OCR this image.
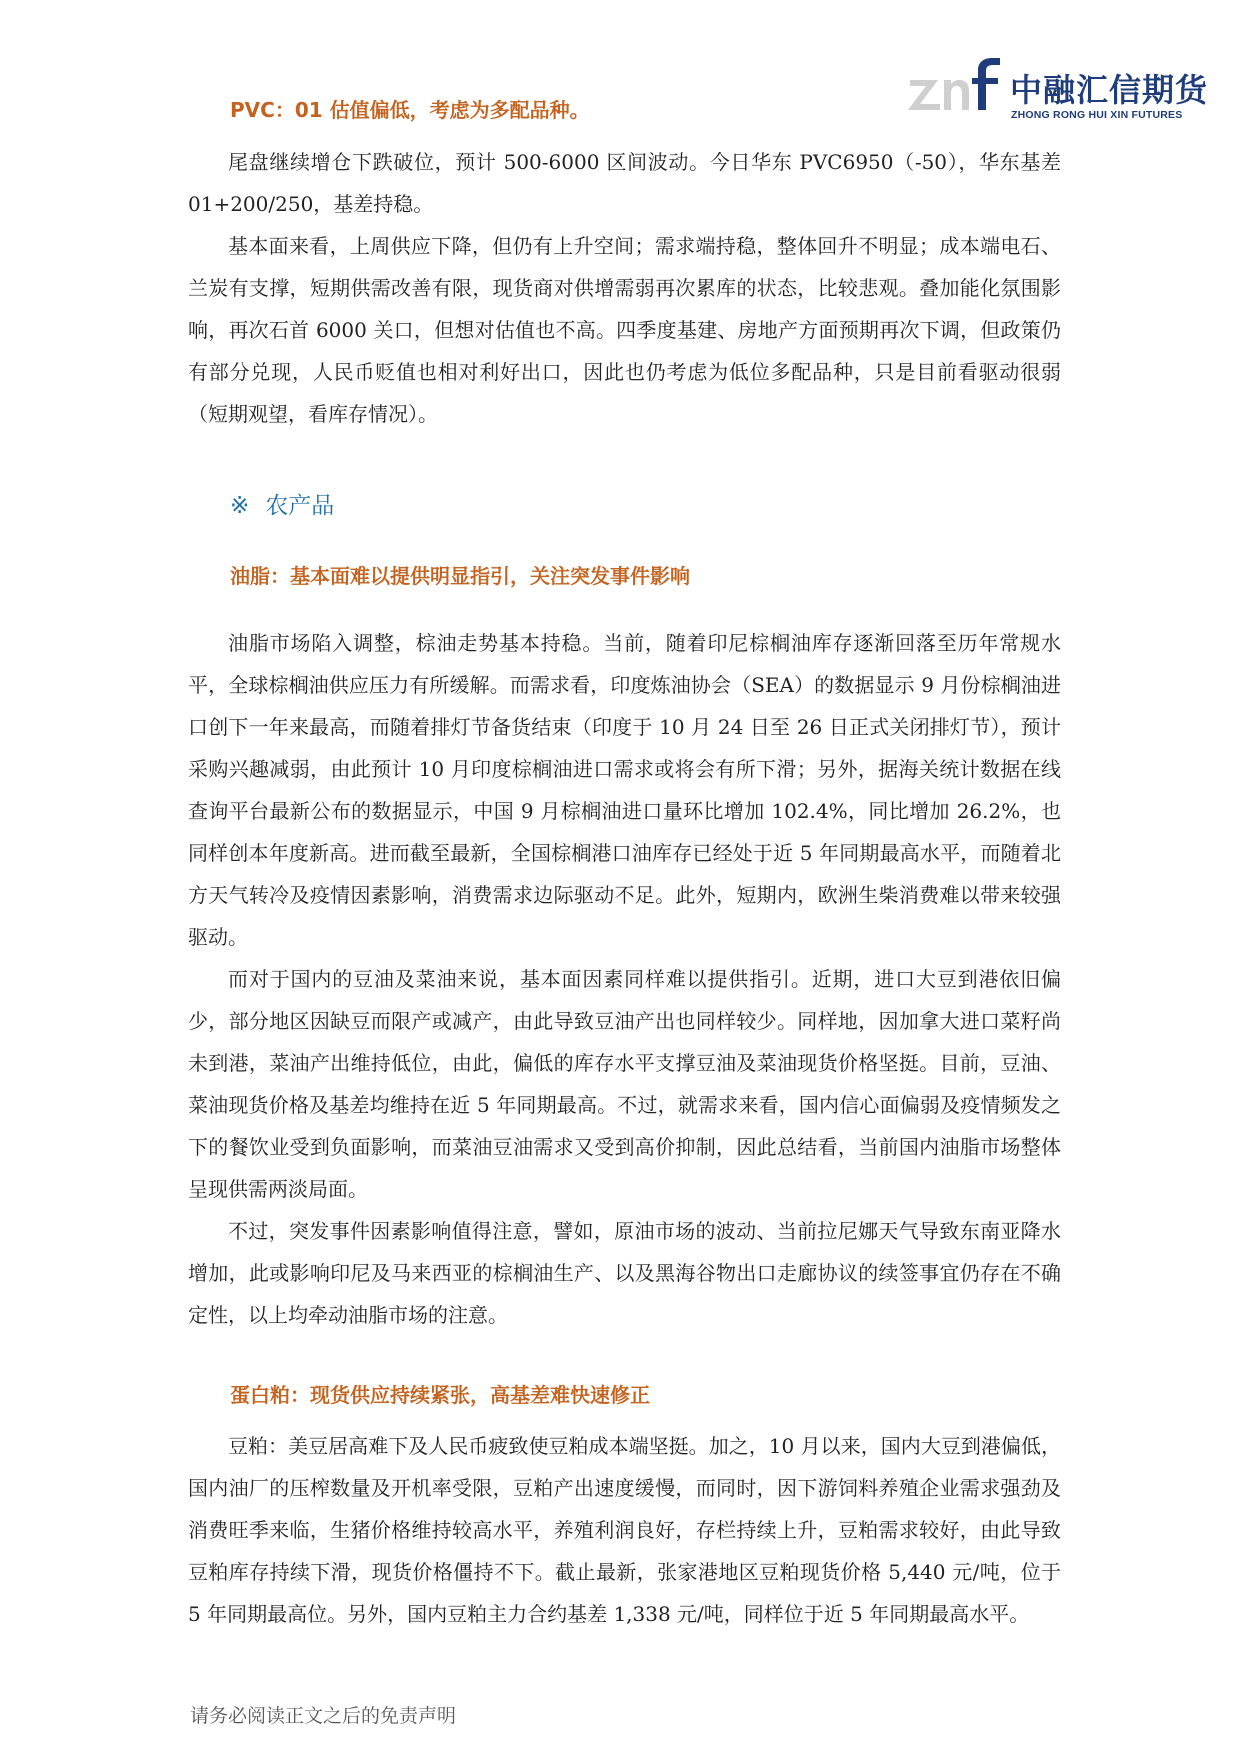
中融汇信期货
ZHONG RONG HUI XIN FUTURES
PVC：01 估值偏低，考虑为多配品种。

尾盘继续增仓下跌破位，预计 500-6000 区间波动。今日华东 PVC6950（-50），华东基差 01+200/250，基差持稳。

基本面来看，上周供应下降，但仍有上升空间；需求端持稳，整体回升不明显；成本端电石、兰炭有支撑，短期供需改善有限，现货商对供增需弱再次累库的状态，比较悲观。叠加能化氛围影响，再次石首 6000 关口，但想对估值也不高。四季度基建、房地产方面预期再次下调，但政策仍有部分兑现，人民币贬值也相对利好出口，因此也仍考虑为低位多配品种，只是目前看驱动很弱（短期观望，看库存情况）。

※ 农产品
油脂：基本面难以提供明显指引，关注突发事件影响

油脂市场陷入调整，棕油走势基本持稳。当前，随着印尼棕榈油库存逐渐回落至历年常规水平，全球棕榈油供应压力有所缓解。而需求看，印度炼油协会（SEA）的数据显示 9 月份棕榈油进口创下一年来最高，而随着排灯节备货结束（印度于 10 月 24 日至 26 日正式关闭排灯节），预计采购兴趣减弱，由此预计 10 月印度棕榈油进口需求或将会有所下滑；另外，据海关统计数据在线查询平台最新公布的数据显示，中国 9 月棕榈油进口量环比增加 102.4%，同比增加 26.2%，也同样创本年度新高。进而截至最新，全国棕榈港口油库存已经处于近 5 年同期最高水平，而随着北方天气转冷及疫情因素影响，消费需求边际驱动不足。此外，短期内，欧洲生柴消费难以带来较强驱动。

而对于国内的豆油及菜油来说，基本面因素同样难以提供指引。近期，进口大豆到港依旧偏少，部分地区因缺豆而限产或减产，由此导致豆油产出也同样较少。同样地，因加拿大进口菜籽尚未到港，菜油产出维持低位，由此，偏低的库存水平支撑豆油及菜油现货价格坚挺。目前，豆油、菜油现货价格及基差均维持在近 5 年同期最高。不过，就需求来看，国内信心面偏弱及疫情频发之下的餐饮业受到负面影响，而菜油豆油需求又受到高价抑制，因此总结看，当前国内油脂市场整体呈现供需两淡局面。

不过，突发事件因素影响值得注意，譬如，原油市场的波动、当前拉尼娜天气导致东南亚降水增加，此或影响印尼及马来西亚的棕榈油生产、以及黑海谷物出口走廊协议的续签事宜仍存在不确定性，以上均牵动油脂市场的注意。

蛋白粕：现货供应持续紧张，高基差难快速修正

豆粕：美豆居高难下及人民币疲致使豆粕成本端坚挺。加之，10 月以来，国内大豆到港偏低，国内油厂的压榨数量及开机率受限，豆粕产出速度缓慢，而同时，因下游饲料养殖企业需求强劲及消费旺季来临，生猪价格维持较高水平，养殖利润良好，存栏持续上升，豆粕需求较好，由此导致豆粕库存持续下滑，现货价格僵持不下。截止最新，张家港地区豆粕现货价格 5,440 元/吨，位于 5 年同期最高位。另外，国内豆粕主力合约基差 1,338 元/吨，同样位于近 5 年同期最高水平。

请务必阅读正文之后的免责声明
